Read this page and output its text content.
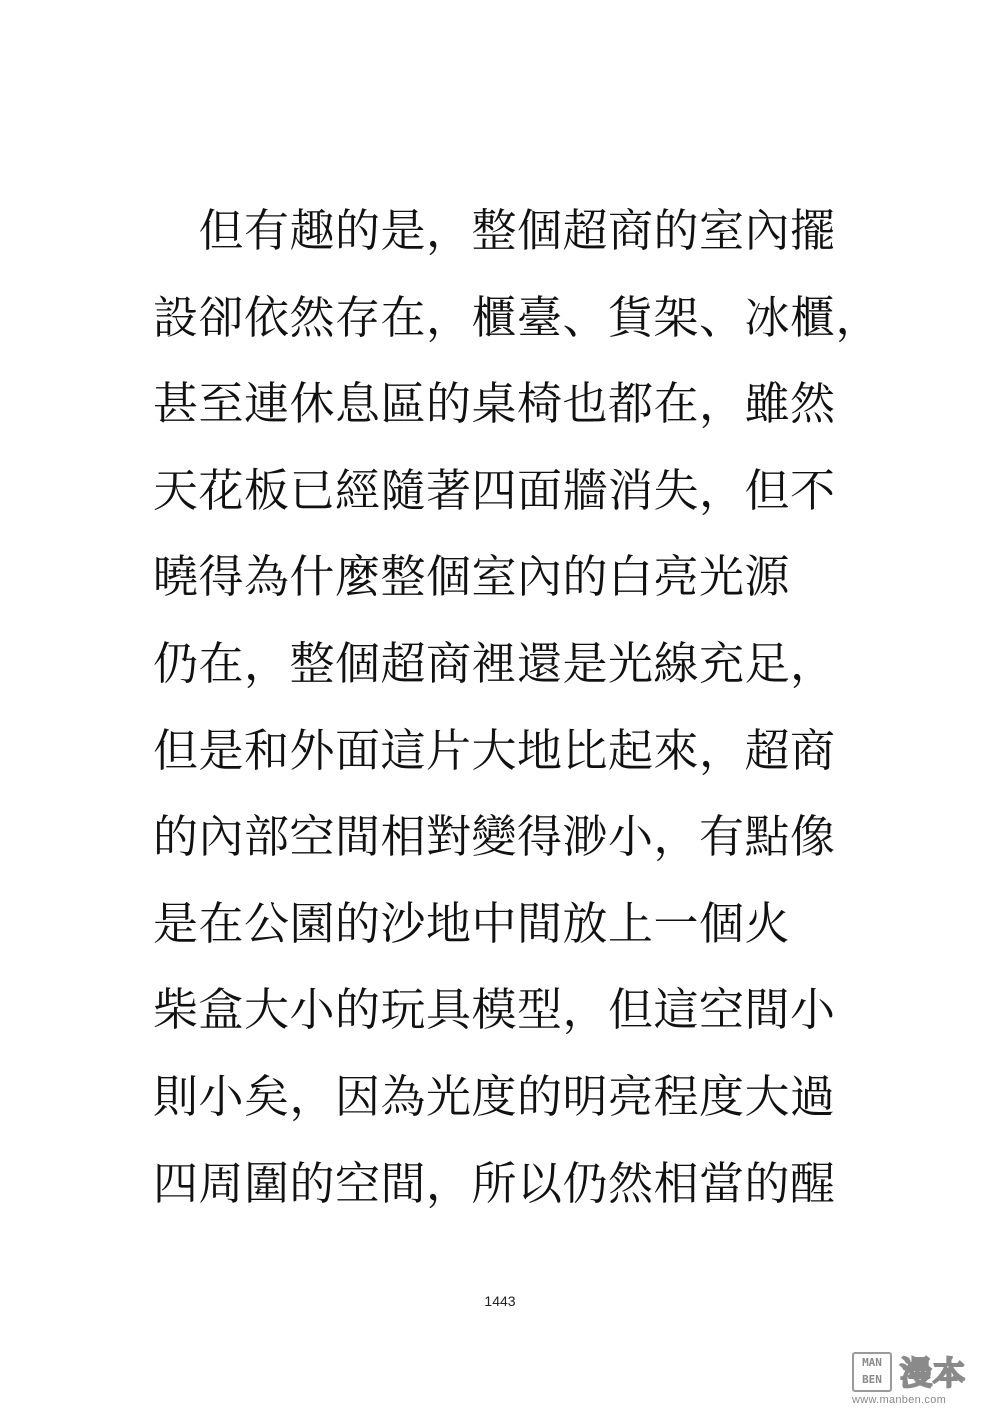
　但有趣的是，整個超商的室內擺
設卻依然存在，櫃臺、貨架、冰櫃，
甚至連休息區的桌椅也都在，雖然
天花板已經隨著四面牆消失，但不
曉得為什麼整個室內的白亮光源
仍在，整個超商裡還是光線充足，
但是和外面這片大地比起來，超商
的內部空間相對變得渺小，有點像
是在公園的沙地中間放上一個火
柴盒大小的玩具模型，但這空間小
則小矣，因為光度的明亮程度大過
四周圍的空間，所以仍然相當的醒
1443
MAN
BEN 漫本
www.manben.com
